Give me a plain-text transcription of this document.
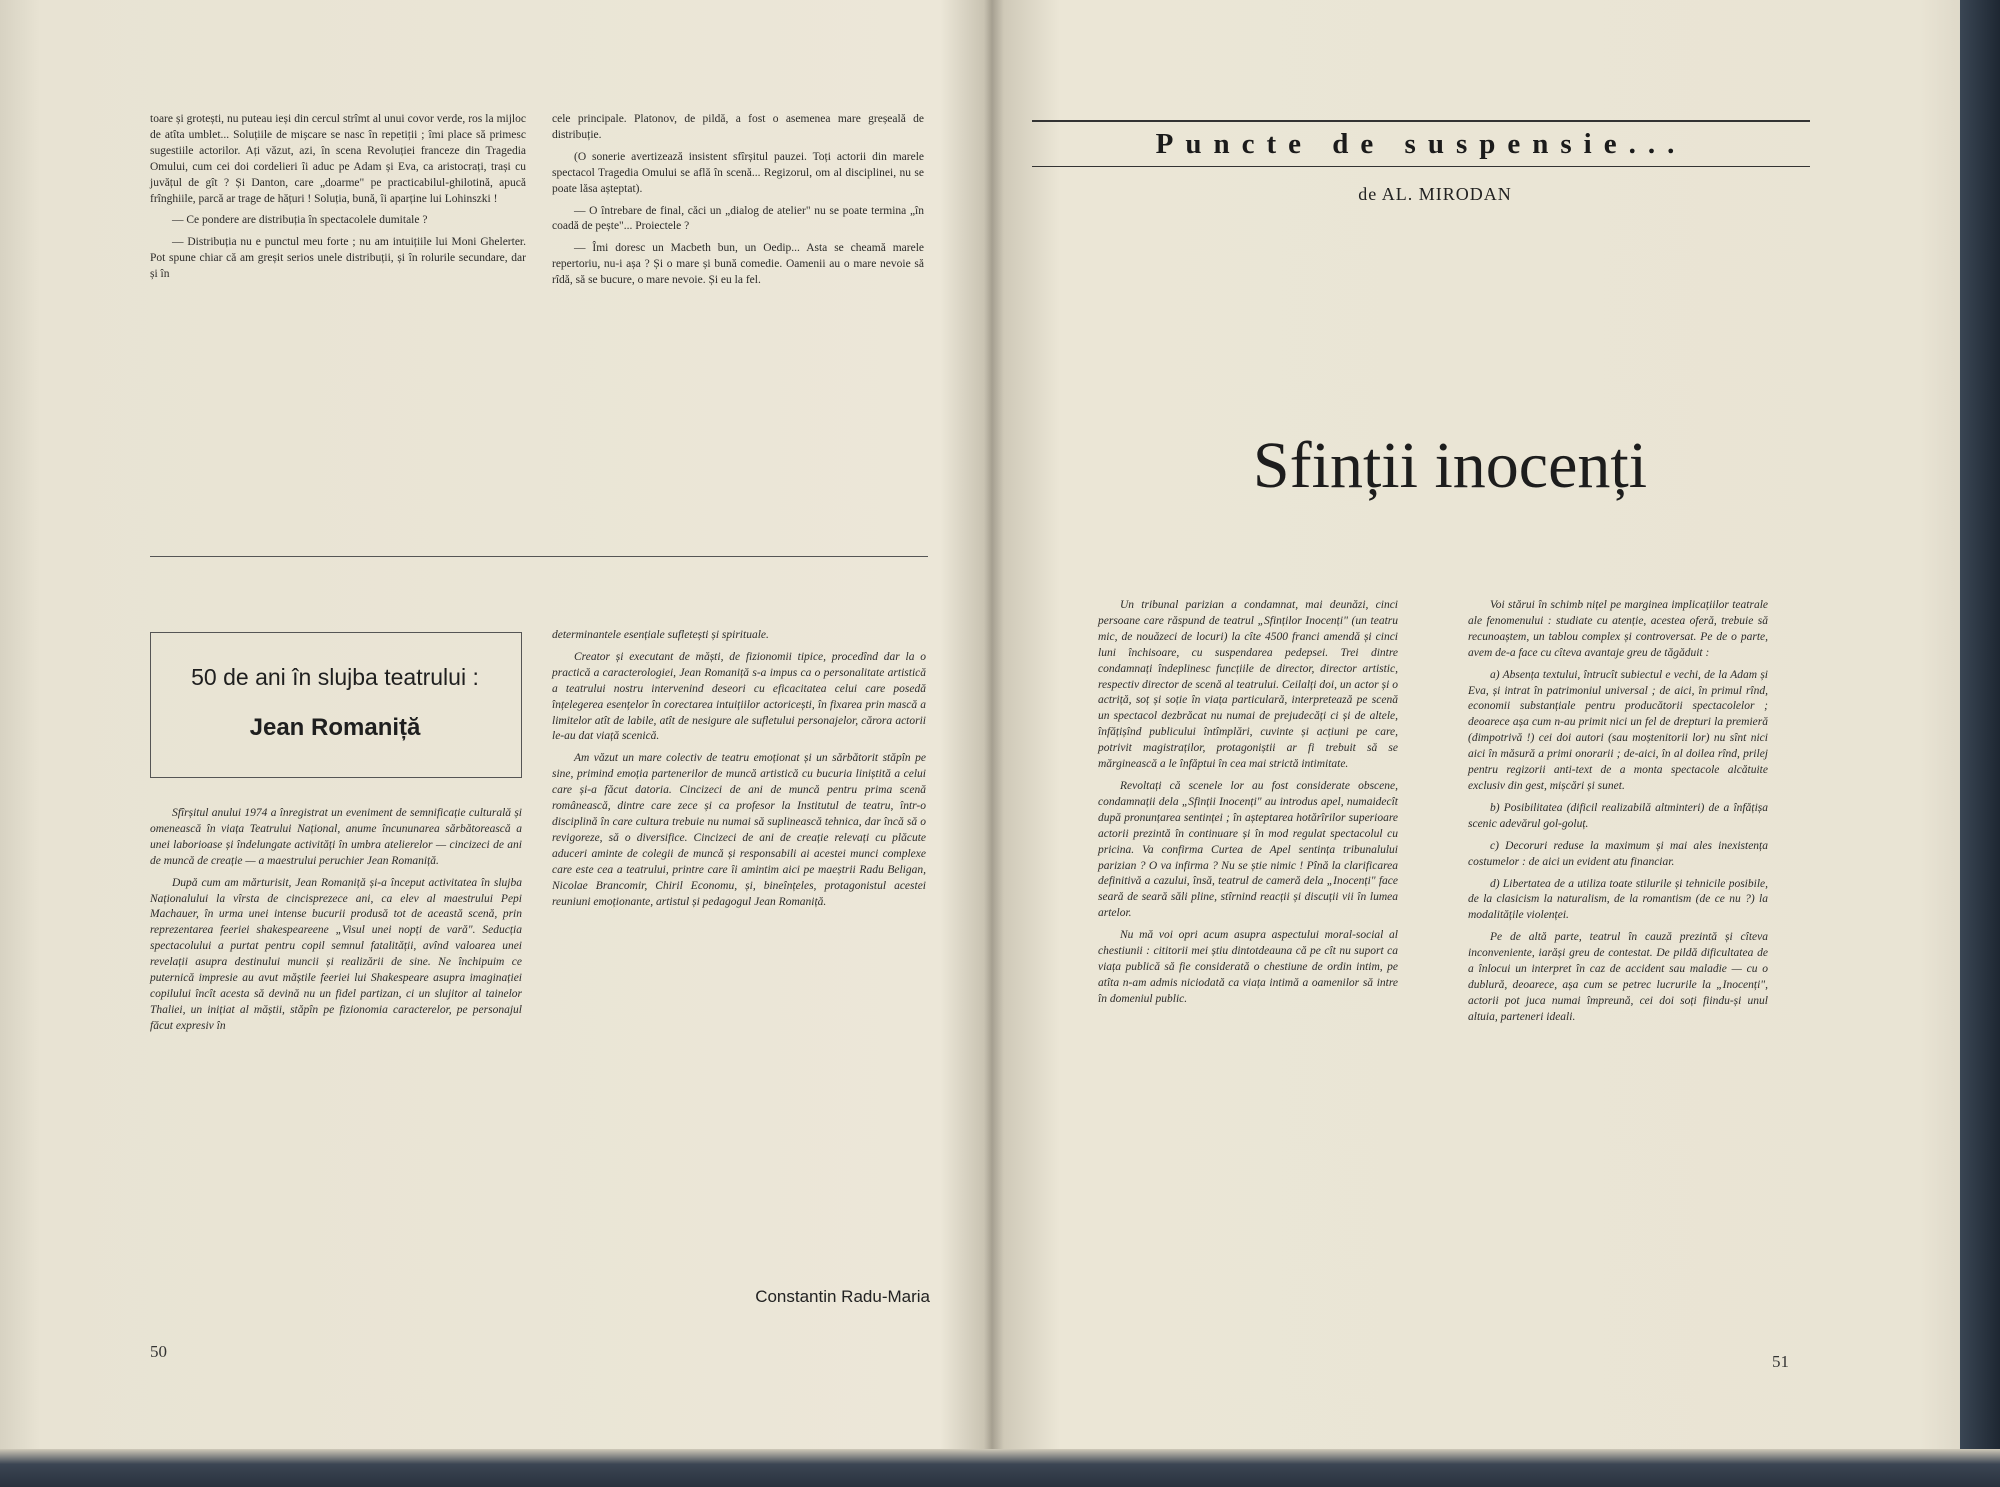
toare și grotești, nu puteau ieși din cercul strîmt al unui covor verde, ros la mijloc de atîta umblet... Soluțiile de mișcare se nasc în repetiții ; îmi place să primesc sugestiile actorilor. Ați văzut, azi, în scena Revoluției franceze din Tragedia Omului, cum cei doi cordelieri îi aduc pe Adam și Eva, ca aristocrați, trași cu juvățul de gît ? Și Danton, care „doarme" pe practicabilul-ghilotină, apucă frînghiile, parcă ar trage de hățuri ! Soluția, bună, îi aparține lui Lohinszki !

— Ce pondere are distribuția în spectacolele dumitale ?

— Distribuția nu e punctul meu forte ; nu am intuițiile lui Moni Ghelerter. Pot spune chiar că am greșit serios unele distribuții, și în rolurile secundare, dar și în

cele principale. Platonov, de pildă, a fost o asemenea mare greșeală de distribuție.

(O sonerie avertizează insistent sfîrșitul pauzei. Toți actorii din marele spectacol Tragedia Omului se află în scenă... Regizorul, om al disciplinei, nu se poate lăsa așteptat).

— O întrebare de final, căci un „dialog de atelier" nu se poate termina „în coadă de pește"... Proiectele ?

— Îmi doresc un Macbeth bun, un Oedip... Asta se cheamă marele repertoriu, nu-i așa ? Și o mare și bună comedie. Oamenii au o mare nevoie să rîdă, să se bucure, o mare nevoie. Și eu la fel.

50 de ani în slujba teatrului :
Jean Romaniță

Sfîrșitul anului 1974 a înregistrat un eveniment de semnificație culturală și omenească în viața Teatrului Național, anume încununarea sărbătorească a unei laborioase și îndelungate activități în umbra atelierelor — cincizeci de ani de muncă de creație — a maestrului peruchier Jean Romaniță.

După cum am mărturisit, Jean Romaniță și-a început activitatea în slujba Naționalului la vîrsta de cincisprezece ani, ca elev al maestrului Pepi Machauer, în urma unei intense bucurii produsă tot de această scenă, prin reprezentarea feeriei shakespeareene „Visul unei nopți de vară". Seducția spectacolului a purtat pentru copil semnul fatalității, avînd valoarea unei revelații asupra destinului muncii și realizării de sine. Ne închipuim ce puternică impresie au avut măștile feeriei lui Shakespeare asupra imaginației copilului încît acesta să devină nu un fidel partizan, ci un slujitor al tainelor Thaliei, un inițiat al măștii, stăpîn pe fizionomia caracterelor, pe personajul făcut expresiv în

determinantele esențiale sufletești și spirituale.

Creator și executant de măști, de fizionomii tipice, procedînd dar la o practică a caracterologiei, Jean Romaniță s-a impus ca o personalitate artistică a teatrului nostru intervenind deseori cu eficacitatea celui care posedă înțelegerea esențelor în corectarea intuițiilor actoricești, în fixarea prin mască a limitelor atît de labile, atît de nesigure ale sufletului personajelor, cărora actorii le-au dat viață scenică.

Am văzut un mare colectiv de teatru emoționat și un sărbătorit stăpîn pe sine, primind emoția partenerilor de muncă artistică cu bucuria liniștită a celui care și-a făcut datoria. Cincizeci de ani de muncă pentru prima scenă românească, dintre care zece și ca profesor la Institutul de teatru, într-o disciplină în care cultura trebuie nu numai să suplinească tehnica, dar încă să o revigoreze, să o diversifice. Cincizeci de ani de creație relevați cu plăcute aduceri aminte de colegii de muncă și responsabili ai acestei munci complexe care este cea a teatrului, printre care îi amintim aici pe maeștrii Radu Beligan, Nicolae Brancomir, Chiril Economu, și, bineînțeles, protagonistul acestei reuniuni emoționante, artistul și pedagogul Jean Romaniță.

Constantin Radu-Maria
50
Puncte de suspensie...
de AL. MIRODAN
Sfinții inocenți

Un tribunal parizian a condamnat, mai deunăzi, cinci persoane care răspund de teatrul „Sfinților Inocenți" (un teatru mic, de nouăzeci de locuri) la cîte 4500 franci amendă și cinci luni închisoare, cu suspendarea pedepsei. Trei dintre condamnați îndeplinesc funcțiile de director, director artistic, respectiv director de scenă al teatrului. Ceilalți doi, un actor și o actriță, soț și soție în viața particulară, interpretează pe scenă un spectacol dezbrăcat nu numai de prejudecăți ci și de altele, înfățișînd publicului întîmplări, cuvinte și acțiuni pe care, potrivit magistraților, protagoniștii ar fi trebuit să se mărginească a le înfăptui în cea mai strictă intimitate.

Revoltați că scenele lor au fost considerate obscene, condamnații dela „Sfinții Inocenți" au introdus apel, numaidecît după pronunțarea sentinței ; în așteptarea hotărîrilor superioare actorii prezintă în continuare și în mod regulat spectacolul cu pricina. Va confirma Curtea de Apel sentința tribunalului parizian ? O va infirma ? Nu se știe nimic ! Pînă la clarificarea definitivă a cazului, însă, teatrul de cameră dela „Inocenți" face seară de seară săli pline, stîrnind reacții și discuții vii în lumea artelor.

Nu mă voi opri acum asupra aspectului moral-social al chestiunii : cititorii mei știu dintotdeauna că pe cît nu suport ca viața publică să fie considerată o chestiune de ordin intim, pe atîta n-am admis niciodată ca viața intimă a oamenilor să intre în domeniul public.

Voi stărui în schimb nițel pe marginea implicațiilor teatrale ale fenomenului : studiate cu atenție, acestea oferă, trebuie să recunoaștem, un tablou complex și controversat. Pe de o parte, avem de-a face cu cîteva avantaje greu de tăgăduit :

a) Absența textului, întrucît subiectul e vechi, de la Adam și Eva, și intrat în patrimoniul universal ; de aici, în primul rînd, economii substanțiale pentru producătorii spectacolelor ; deoarece așa cum n-au primit nici un fel de drepturi la premieră (dimpotrivă !) cei doi autori (sau moștenitorii lor) nu sînt nici aici în măsură a primi onorarii ; de-aici, în al doilea rînd, prilej pentru regizorii anti-text de a monta spectacole alcătuite exclusiv din gest, mișcări și sunet.

b) Posibilitatea (dificil realizabilă altminteri) de a înfățișa scenic adevărul gol-goluț.

c) Decoruri reduse la maximum și mai ales inexistența costumelor : de aici un evident atu financiar.

d) Libertatea de a utiliza toate stilurile și tehnicile posibile, de la clasicism la naturalism, de la romantism (de ce nu ?) la modalitățile violenței.

Pe de altă parte, teatrul în cauză prezintă și cîteva inconveniente, iarăși greu de contestat. De pildă dificultatea de a înlocui un interpret în caz de accident sau maladie — cu o dublură, deoarece, așa cum se petrec lucrurile la „Inocenți", actorii pot juca numai împreună, cei doi soți fiindu-și unul altuia, parteneri ideali.

51
